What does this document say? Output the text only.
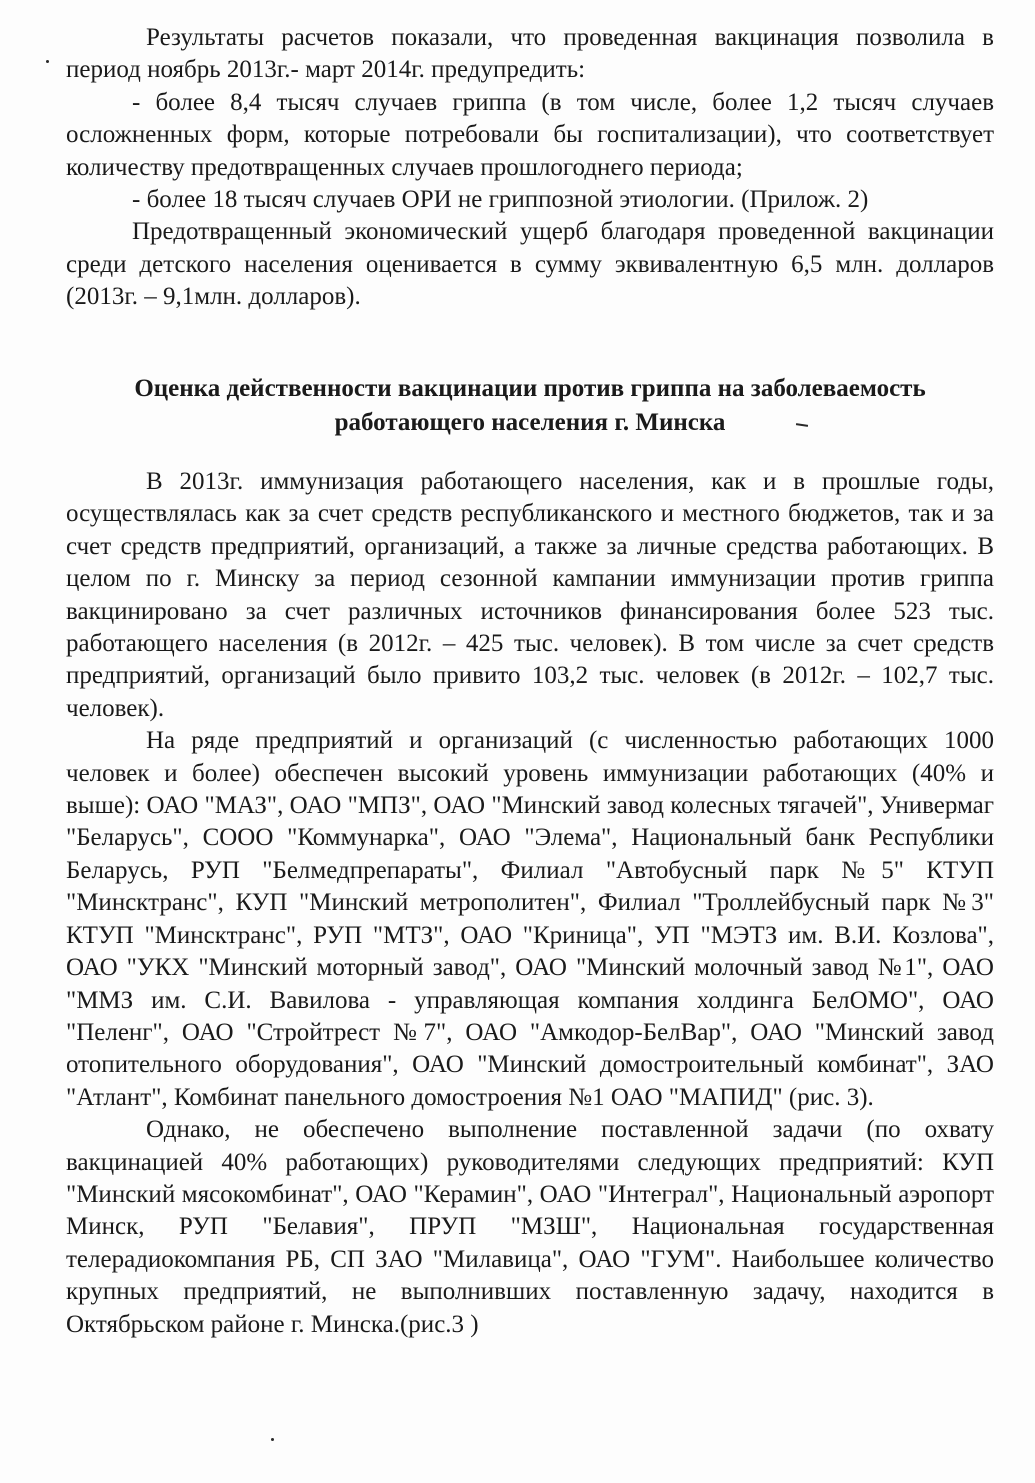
Результаты расчетов показали, что проведенная вакцинация позволила в период ноябрь 2013г.- март 2014г. предупредить:

- более 8,4 тысяч случаев гриппа (в том числе, более 1,2 тысяч случаев осложненных форм, которые потребовали бы госпитализации), что соответствует количеству предотвращенных случаев прошлогоднего периода;

- более 18 тысяч случаев ОРИ не гриппозной этиологии. (Прилож. 2)

Предотвращенный экономический ущерб благодаря проведенной вакцинации среди детского населения оценивается в сумму эквивалентную 6,5 млн. долларов (2013г. – 9,1млн. долларов).

Оценка действенности вакцинации против гриппа на заболеваемость
работающего населения г. Минска

В 2013г. иммунизация работающего населения, как и в прошлые годы, осуществлялась как за счет средств республиканского и местного бюджетов, так и за счет средств предприятий, организаций, а также за личные средства работающих. В целом по г. Минску за период сезонной кампании иммунизации против гриппа вакцинировано за счет различных источников финансирования более 523 тыс. работающего населения (в 2012г. – 425 тыс. человек). В том числе за счет средств предприятий, организаций было привито 103,2 тыс. человек (в 2012г. – 102,7 тыс. человек).

На ряде предприятий и организаций (с численностью работающих 1000 человек и более) обеспечен высокий уровень иммунизации работающих (40% и выше): ОАО "МАЗ", ОАО "МПЗ", ОАО "Минский завод колесных тягачей", Универмаг "Беларусь", СООО "Коммунарка", ОАО "Элема", Национальный банк Республики Беларусь, РУП "Белмедпрепараты", Филиал "Автобусный парк №5" КТУП "Минсктранс", КУП "Минский метрополитен", Филиал "Троллейбусный парк №3" КТУП "Минсктранс", РУП "МТЗ", ОАО "Криница", УП "МЭТЗ им. В.И. Козлова", ОАО "УКХ "Минский моторный завод", ОАО "Минский молочный завод №1", ОАО "ММЗ им. С.И. Вавилова - управляющая компания холдинга БелОМО", ОАО "Пеленг", ОАО "Стройтрест №7", ОАО "Амкодор-БелВар", ОАО "Минский завод отопительного оборудования", ОАО "Минский домостроительный комбинат", ЗАО "Атлант", Комбинат панельного домостроения №1 ОАО "МАПИД" (рис. 3).

Однако, не обеспечено выполнение поставленной задачи (по охвату вакцинацией 40% работающих) руководителями следующих предприятий: КУП "Минский мясокомбинат", ОАО "Керамин", ОАО "Интеграл", Национальный аэропорт Минск, РУП "Белавия", ПРУП "МЗШ", Национальная государственная телерадиокомпания РБ, СП ЗАО "Милавица", ОАО "ГУМ". Наибольшее количество крупных предприятий, не выполнивших поставленную задачу, находится в Октябрьском районе г. Минска.(рис.3 )
